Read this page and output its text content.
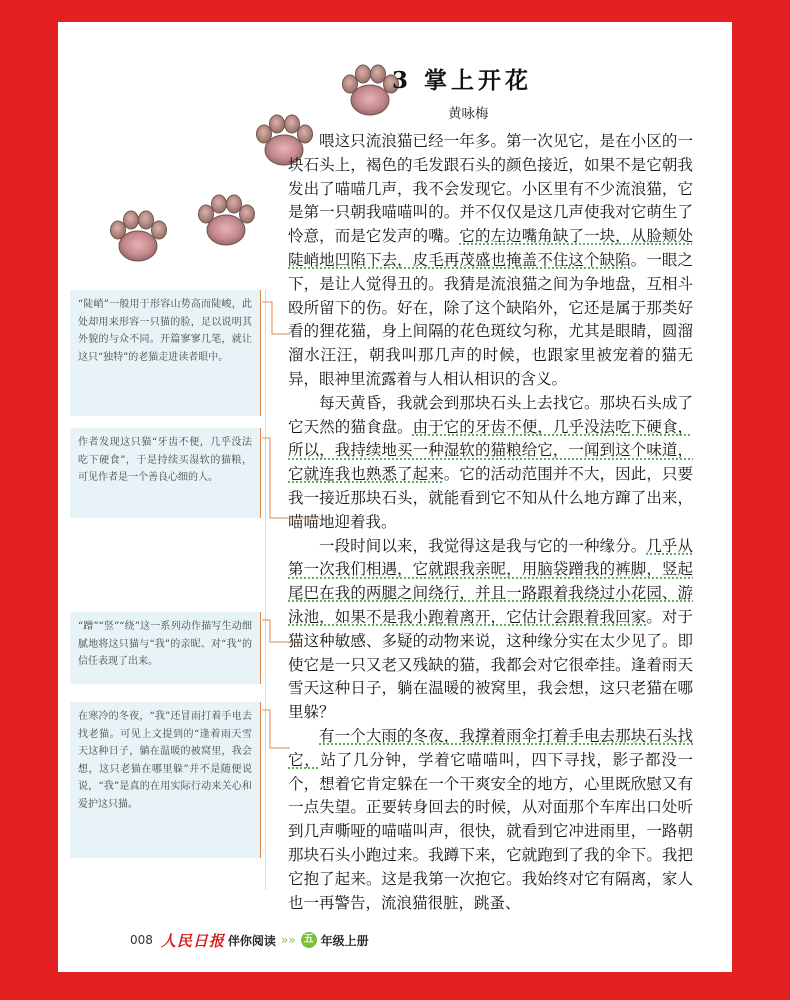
3 掌上开花
黄咏梅

喂这只流浪猫已经一年多。第一次见它，是在小区的一块石头上，褐色的毛发跟石头的颜色接近，如果不是它朝我发出了喵喵几声，我不会发现它。小区里有不少流浪猫，它是第一只朝我喵喵叫的。并不仅仅是这几声使我对它萌生了怜意，而是它发声的嘴。它的左边嘴角缺了一块，从脸颊处陡峭地凹陷下去，皮毛再茂盛也掩盖不住这个缺陷。一眼之下，是让人觉得丑的。我猜是流浪猫之间为争地盘，互相斗殴所留下的伤。好在，除了这个缺陷外，它还是属于那类好看的狸花猫，身上间隔的花色斑纹匀称，尤其是眼睛，圆溜溜水汪汪，朝我叫那几声的时候，也跟家里被宠着的猫无异，眼神里流露着与人相认相识的含义。

每天黄昏，我就会到那块石头上去找它。那块石头成了它天然的猫食盘。由于它的牙齿不便，几乎没法吃下硬食，所以，我持续地买一种湿软的猫粮给它，一闻到这个味道，它就连我也熟悉了起来。它的活动范围并不大，因此，只要我一接近那块石头，就能看到它不知从什么地方蹿了出来，喵喵地迎着我。

一段时间以来，我觉得这是我与它的一种缘分。几乎从第一次我们相遇，它就跟我亲昵，用脑袋蹭我的裤脚，竖起尾巴在我的两腿之间绕行，并且一路跟着我绕过小花园、游泳池，如果不是我小跑着离开，它估计会跟着我回家。对于猫这种敏感、多疑的动物来说，这种缘分实在太少见了。即使它是一只又老又残缺的猫，我都会对它很牵挂。逢着雨天雪天这种日子，躺在温暖的被窝里，我会想，这只老猫在哪里躲？

有一个大雨的冬夜，我撑着雨伞打着手电去那块石头找它，站了几分钟，学着它喵喵叫，四下寻找，影子都没一个，想着它肯定躲在一个干爽安全的地方，心里既欣慰又有一点失望。正要转身回去的时候，从对面那个车库出口处听到几声嘶哑的喵喵叫声，很快，就看到它冲进雨里，一路朝那块石头小跑过来。我蹲下来，它就跑到了我的伞下。我把它抱了起来。这是我第一次抱它。我始终对它有隔离，家人也一再警告，流浪猫很脏，跳蚤、

“陡峭”一般用于形容山势高而陡峻，此处却用来形容一只猫的脸，足以说明其外貌的与众不同。开篇寥寥几笔，就让这只“独特”的老猫走进读者眼中。
作者发现这只猫“牙齿不便，几乎没法吃下硬食”，于是持续买湿软的猫粮，可见作者是一个善良心细的人。
“蹭”“竖”“绕”这一系列动作描写生动细腻地将这只猫与“我”的亲昵、对“我”的信任表现了出来。
在寒冷的冬夜，“我”还冒雨打着手电去找老猫。可见上文提到的“逢着雨天雪天这种日子，躺在温暖的被窝里，我会想，这只老猫在哪里躲”并不是随便说说，“我”是真的在用实际行动来关心和爱护这只猫。
008 人民日报 伴你阅读 »» 五 年级上册
